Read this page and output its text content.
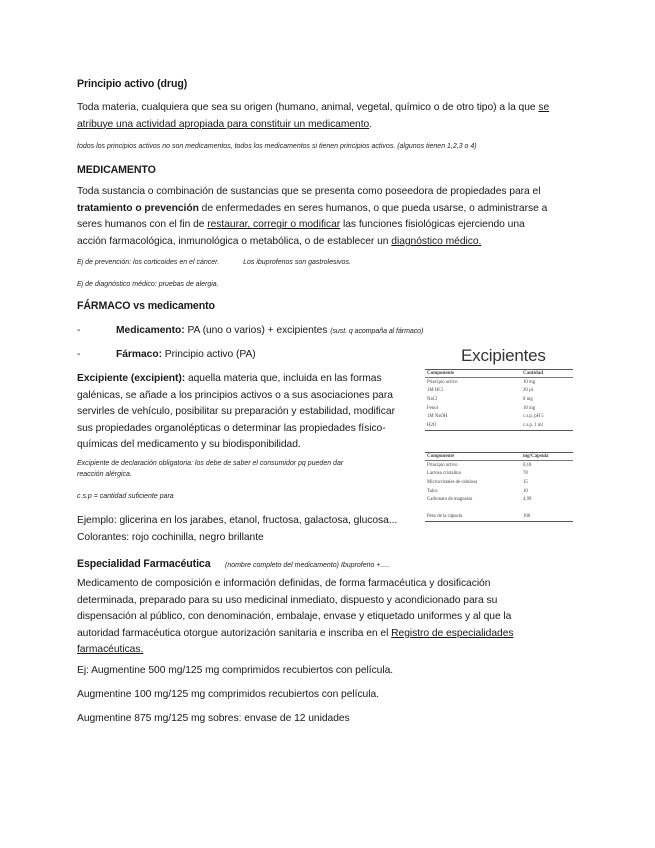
Principio activo (drug)
Toda materia, cualquiera que sea su origen (humano, animal, vegetal, químico o de otro tipo) a la que se
atribuye una actividad apropiada para constituir un medicamento.
todos los principios activos no son medicamentos, todos los medicamentos si tienen principios activos. (algunos tienen 1,2,3 o 4)
MEDICAMENTO
Toda sustancia o combinación de sustancias que se presenta como poseedora de propiedades para el
tratamiento o prevención de enfermedades en seres humanos, o que pueda usarse, o administrarse a
seres humanos con el fin de restaurar, corregir o modificar las funciones fisiológicas ejerciendo una
acción farmacológica, inmunológica o metabólica, o de establecer un diagnóstico médico.
Ej de prevención: los corticoides en el cáncer.	Los ibuprofenos son gastrolesivos.
Ej de diagnóstico médico: pruebas de alergia.
FÁRMACO vs medicamento
-	Medicamento: PA (uno o varios) + excipientes (sust. q acompaña al fármaco)
-	Fármaco: Principio activo (PA)
Excipiente (excipient): aquella materia que, incluida en las formas
galénicas, se añade a los principios activos o a sus asociaciones para
servirles de vehículo, posibilitar su preparación y estabilidad, modificar
sus propiedades organolépticas o determinar las propiedades físico-
químicas del medicamento y su biodisponibilidad.
Excipiente de declaración obligatoria: los debe de saber el consumidor pq pueden dar
reacción alérgica.
c.s.p = cantidad suficiente para
Ejemplo: glicerina en los jarabes, etanol, fructosa, galactosa, glucosa...
Colorantes: rojo cochinilla, negro brillante
Excipientes
Componente	Cantidad
Principio activo	10 mg
1M HCl	20 µl
NaCl	8 mg
Fenol	10 mg
1M NaOH	c.s.p. pH 5
H2O	c.s.p. 1 ml
Componente	mg/Cápsula
Principio activo	0,18
Lactosa cristalina	78
Microcristales de celulosa	15
Talco	10
Carbonato de magnesio	4,99
Peso de la cápsula	100
Especialidad Farmacéutica (nombre completo del medicamento) Ibuprofeno +.....
Medicamento de composición e información definidas, de forma farmacéutica y dosificación
determinada, preparado para su uso medicinal inmediato, dispuesto y acondicionado para su
dispensación al público, con denominación, embalaje, envase y etiquetado uniformes y al que la
autoridad farmacéutica otorgue autorización sanitaria e inscriba en el Registro de especialidades
farmacéuticas.
Ej: Augmentine 500 mg/125 mg comprimidos recubiertos con película.
Augmentine 100 mg/125 mg comprimidos recubiertos con película.
Augmentine 875 mg/125 mg sobres: envase de 12 unidades
